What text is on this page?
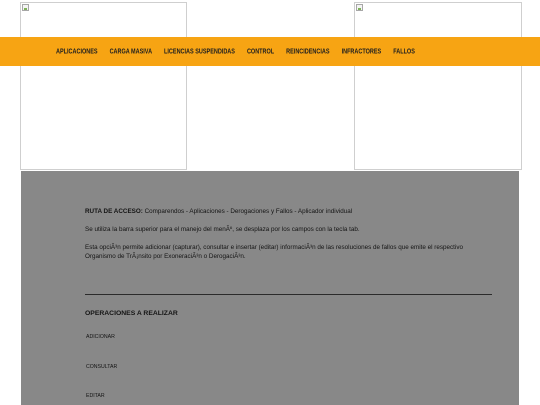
APLICACIONES CARGA MASIVA LICENCIAS SUSPENDIDAS CONTROL REINCIDENCIAS INFRACTORES FALLOS

RUTA DE ACCESO: Comparendos - Aplicaciones - Derogaciones y Fallos - Aplicador individual

Se utiliza la barra superior para el manejo del menÃº, se desplaza por los campos con la tecla tab.

Esta opciÃ³n permite adicionar (capturar), consultar e insertar (editar) informaciÃ³n de las resoluciones de fallos que emite el respectivo Organismo de TrÃ¡nsito por ExoneraciÃ³n o DerogaciÃ³n.

OPERACIONES A REALIZAR
ADICIONAR
CONSULTAR
EDITAR
